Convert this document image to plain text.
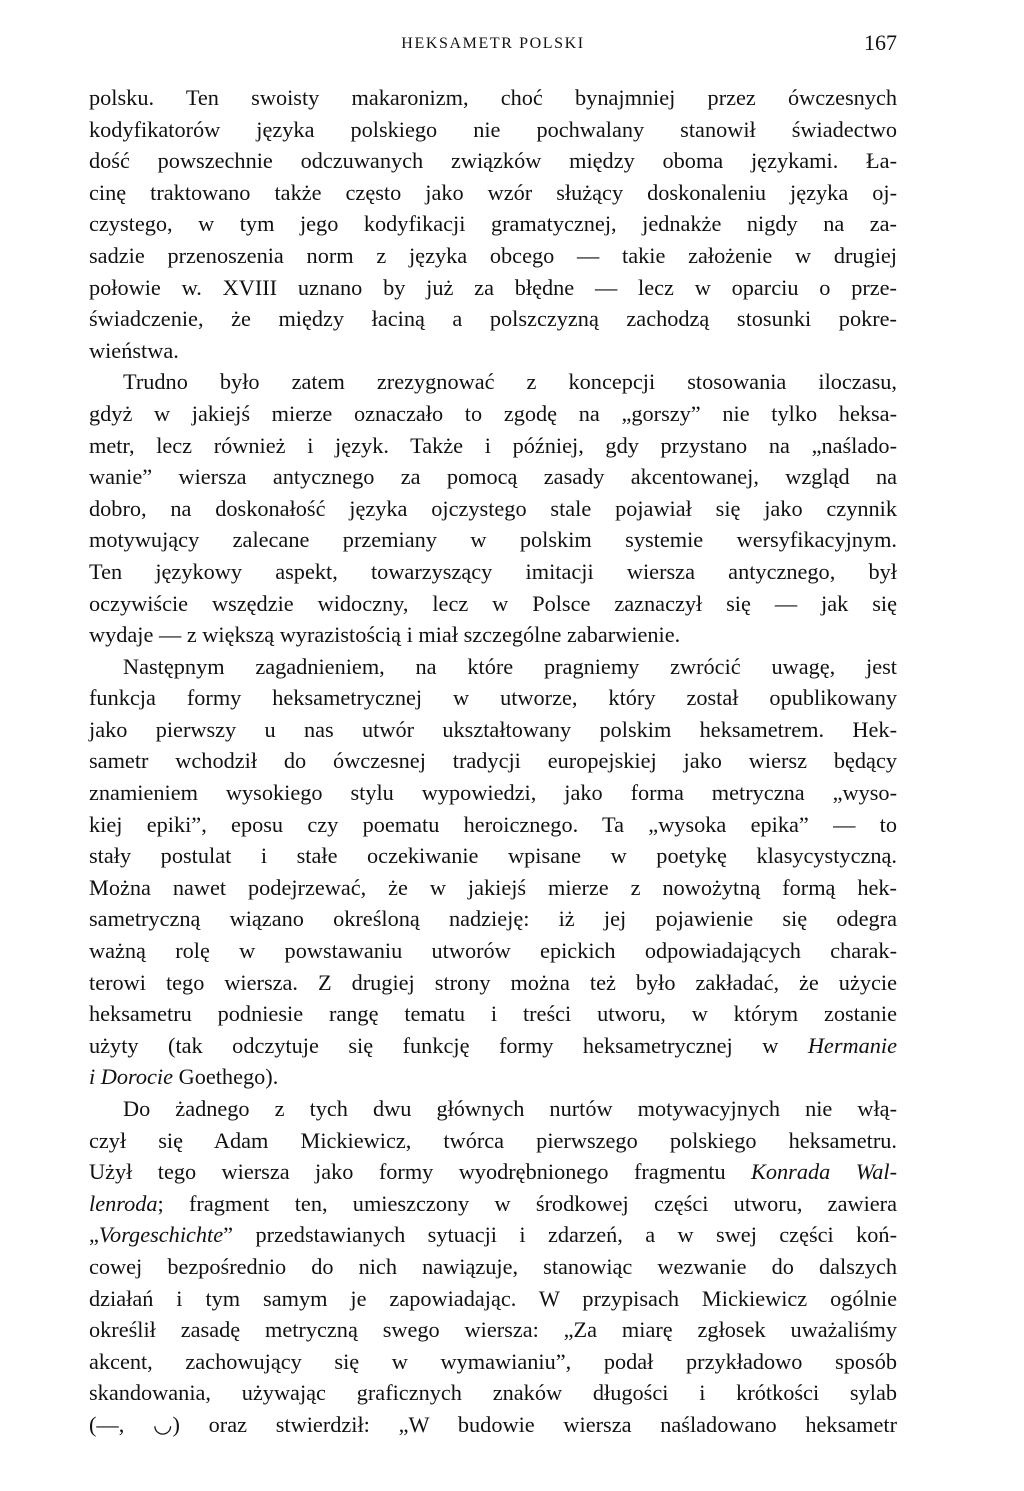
HEKSAMETR POLSKI	167

polsku. Ten swoisty makaronizm, choć bynajmniej przez ówczesnych
kodyfikatorów języka polskiego nie pochwalany stanowił świadectwo
dość powszechnie odczuwanych związków między oboma językami. Ła-
cinę traktowano także często jako wzór służący doskonaleniu języka oj-
czystego, w tym jego kodyfikacji gramatycznej, jednakże nigdy na za-
sadzie przenoszenia norm z języka obcego — takie założenie w drugiej
połowie w. XVIII uznano by już za błędne — lecz w oparciu o prze-
świadczenie, że między łaciną a polszczyzną zachodzą stosunki pokre-
wieństwa.

Trudno było zatem zrezygnować z koncepcji stosowania iloczasu,
gdyż w jakiejś mierze oznaczało to zgodę na „gorszy” nie tylko heksa-
metr, lecz również i język. Także i później, gdy przystano na „naślado-
wanie” wiersza antycznego za pomocą zasady akcentowanej, wzgląd na
dobro, na doskonałość języka ojczystego stale pojawiał się jako czynnik
motywujący zalecane przemiany w polskim systemie wersyfikacyjnym.
Ten językowy aspekt, towarzyszący imitacji wiersza antycznego, był
oczywiście wszędzie widoczny, lecz w Polsce zaznaczył się — jak się
wydaje — z większą wyrazistością i miał szczególne zabarwienie.

Następnym zagadnieniem, na które pragniemy zwrócić uwagę, jest
funkcja formy heksametrycznej w utworze, który został opublikowany
jako pierwszy u nas utwór ukształtowany polskim heksametrem. Hek-
sametr wchodził do ówczesnej tradycji europejskiej jako wiersz będący
znamieniem wysokiego stylu wypowiedzi, jako forma metryczna „wyso-
kiej epiki”, eposu czy poematu heroicznego. Ta „wysoka epika” — to
stały postulat i stałe oczekiwanie wpisane w poetykę klasycystyczną.
Można nawet podejrzewać, że w jakiejś mierze z nowożytną formą hek-
sametryczną wiązano określoną nadzieję: iż jej pojawienie się odegra
ważną rolę w powstawaniu utworów epickich odpowiadających charak-
terowi tego wiersza. Z drugiej strony można też było zakładać, że użycie
heksametru podniesie rangę tematu i treści utworu, w którym zostanie
użyty (tak odczytuje się funkcję formy heksametrycznej w Hermanie
i Dorocie Goethego).

Do żadnego z tych dwu głównych nurtów motywacyjnych nie włą-
czył się Adam Mickiewicz, twórca pierwszego polskiego heksametru.
Użył tego wiersza jako formy wyodrębnionego fragmentu Konrada Wal-
lenroda; fragment ten, umieszczony w środkowej części utworu, zawiera
„Vorgeschichte” przedstawianych sytuacji i zdarzeń, a w swej części koń-
cowej bezpośrednio do nich nawiązuje, stanowiąc wezwanie do dalszych
działań i tym samym je zapowiadając. W przypisach Mickiewicz ogólnie
określił zasadę metryczną swego wiersza: „Za miarę zgłosek uważaliśmy
akcent, zachowujący się w wymawianiu”, podał przykładowo sposób
skandowania, używając graficznych znaków długości i krótkości sylab
(—, ◡) oraz stwierdził: „W budowie wiersza naśladowano heksametr
